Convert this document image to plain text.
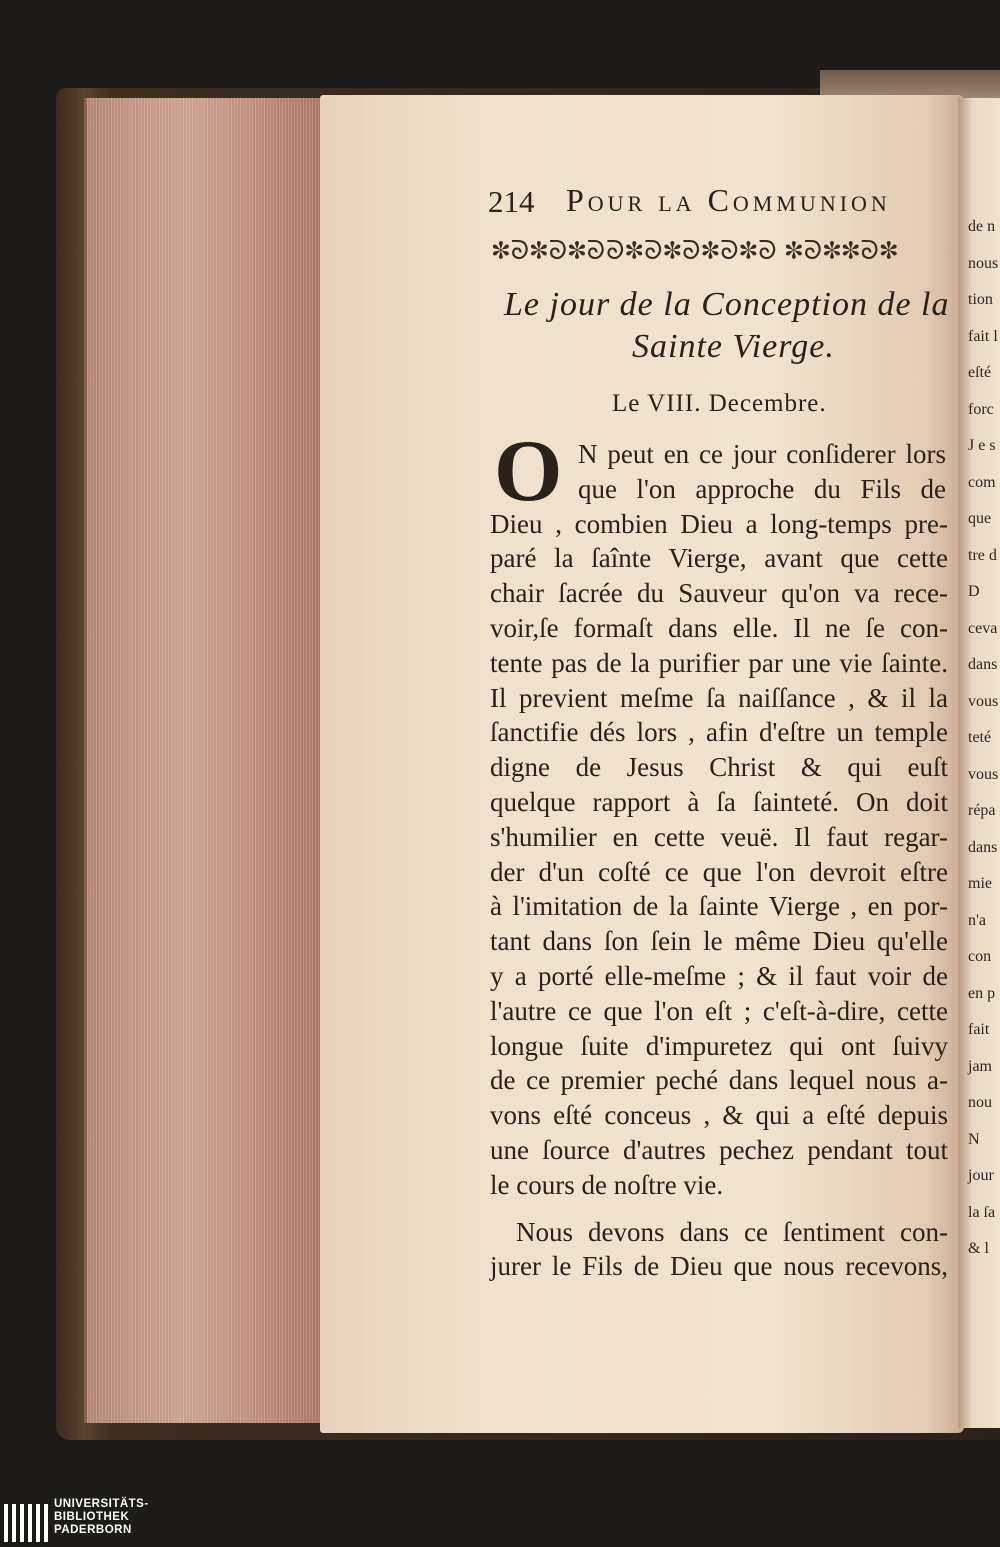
de n
nous
tion
fait l
eſté
forc
J e s
com
que
tre d
D
ceva
dans
vous
teté
vous
répa
dans
mie
n'a
con
en p
fait
jam
nou
N
jour
la ſa
& l
214 Pour la Communion
✽ᘐ✽ᘐ✽ᘐᘐ✽ᘐ✽ᘐ✽ᘐ✽ᘐ ✽ᘐ✽✽ᘐ✽
Le jour de la Conception de la
Sainte Vierge.
Le VIII. Decembre.
O N peut en ce jour conſiderer lors
que l'on approche du Fils de
Dieu , combien Dieu a long-temps pre-
paré la ſaînte Vierge, avant que cette
chair ſacrée du Sauveur qu'on va rece-
voir,ſe formaſt dans elle. Il ne ſe con-
tente pas de la purifier par une vie ſainte.
Il previent meſme ſa naiſſance , & il la
ſanctifie dés lors , afin d'eſtre un temple
digne de Jesus Christ & qui euſt
quelque rapport à ſa ſainteté. On doit
s'humilier en cette veuë. Il faut regar-
der d'un coſté ce que l'on devroit eſtre
à l'imitation de la ſainte Vierge , en por-
tant dans ſon ſein le même Dieu qu'elle
y a porté elle-meſme ; & il faut voir de
l'autre ce que l'on eſt ; c'eſt-à-dire, cette
longue ſuite d'impuretez qui ont ſuivy
de ce premier peché dans lequel nous a-
vons eſté conceus , & qui a eſté depuis
une ſource d'autres pechez pendant tout
le cours de noſtre vie.
Nous devons dans ce ſentiment con-
jurer le Fils de Dieu que nous recevons,
UNIVERSITÄTS-
BIBLIOTHEK
PADERBORN
